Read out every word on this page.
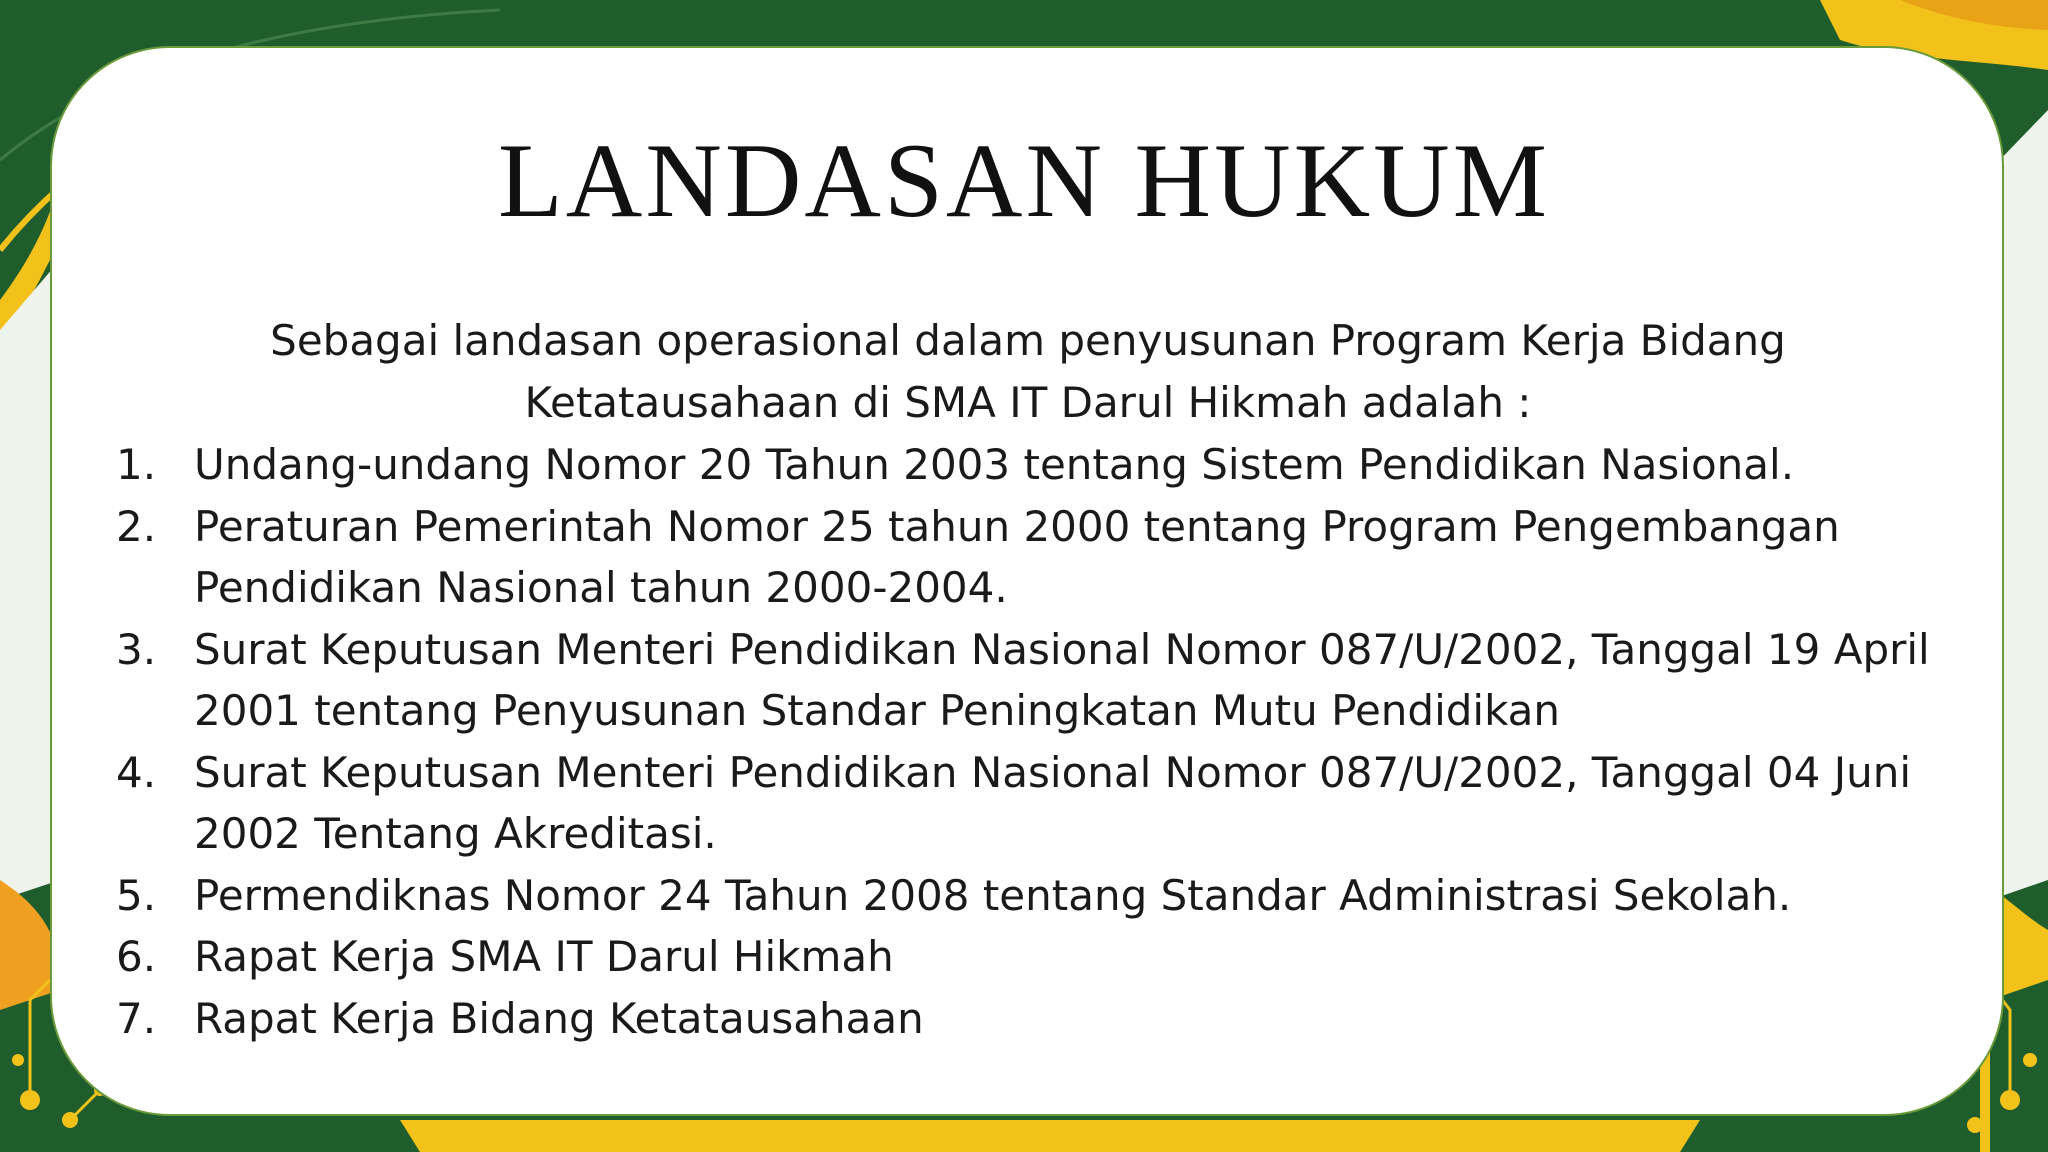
LANDASAN HUKUM

Sebagai landasan operasional dalam penyusunan Program Kerja Bidang Ketatausahaan di SMA IT Darul Hikmah adalah :

1. Undang-undang Nomor 20 Tahun 2003 tentang Sistem Pendidikan Nasional.
2. Peraturan Pemerintah Nomor 25 tahun 2000 tentang Program Pengembangan Pendidikan Nasional tahun 2000-2004.
3. Surat Keputusan Menteri Pendidikan Nasional Nomor 087/U/2002, Tanggal 19 April 2001 tentang Penyusunan Standar Peningkatan Mutu Pendidikan
4. Surat Keputusan Menteri Pendidikan Nasional Nomor 087/U/2002, Tanggal 04 Juni 2002 Tentang Akreditasi.
5. Permendiknas Nomor 24 Tahun 2008 tentang Standar Administrasi Sekolah.
6. Rapat Kerja SMA IT Darul Hikmah
7. Rapat Kerja Bidang Ketatausahaan
